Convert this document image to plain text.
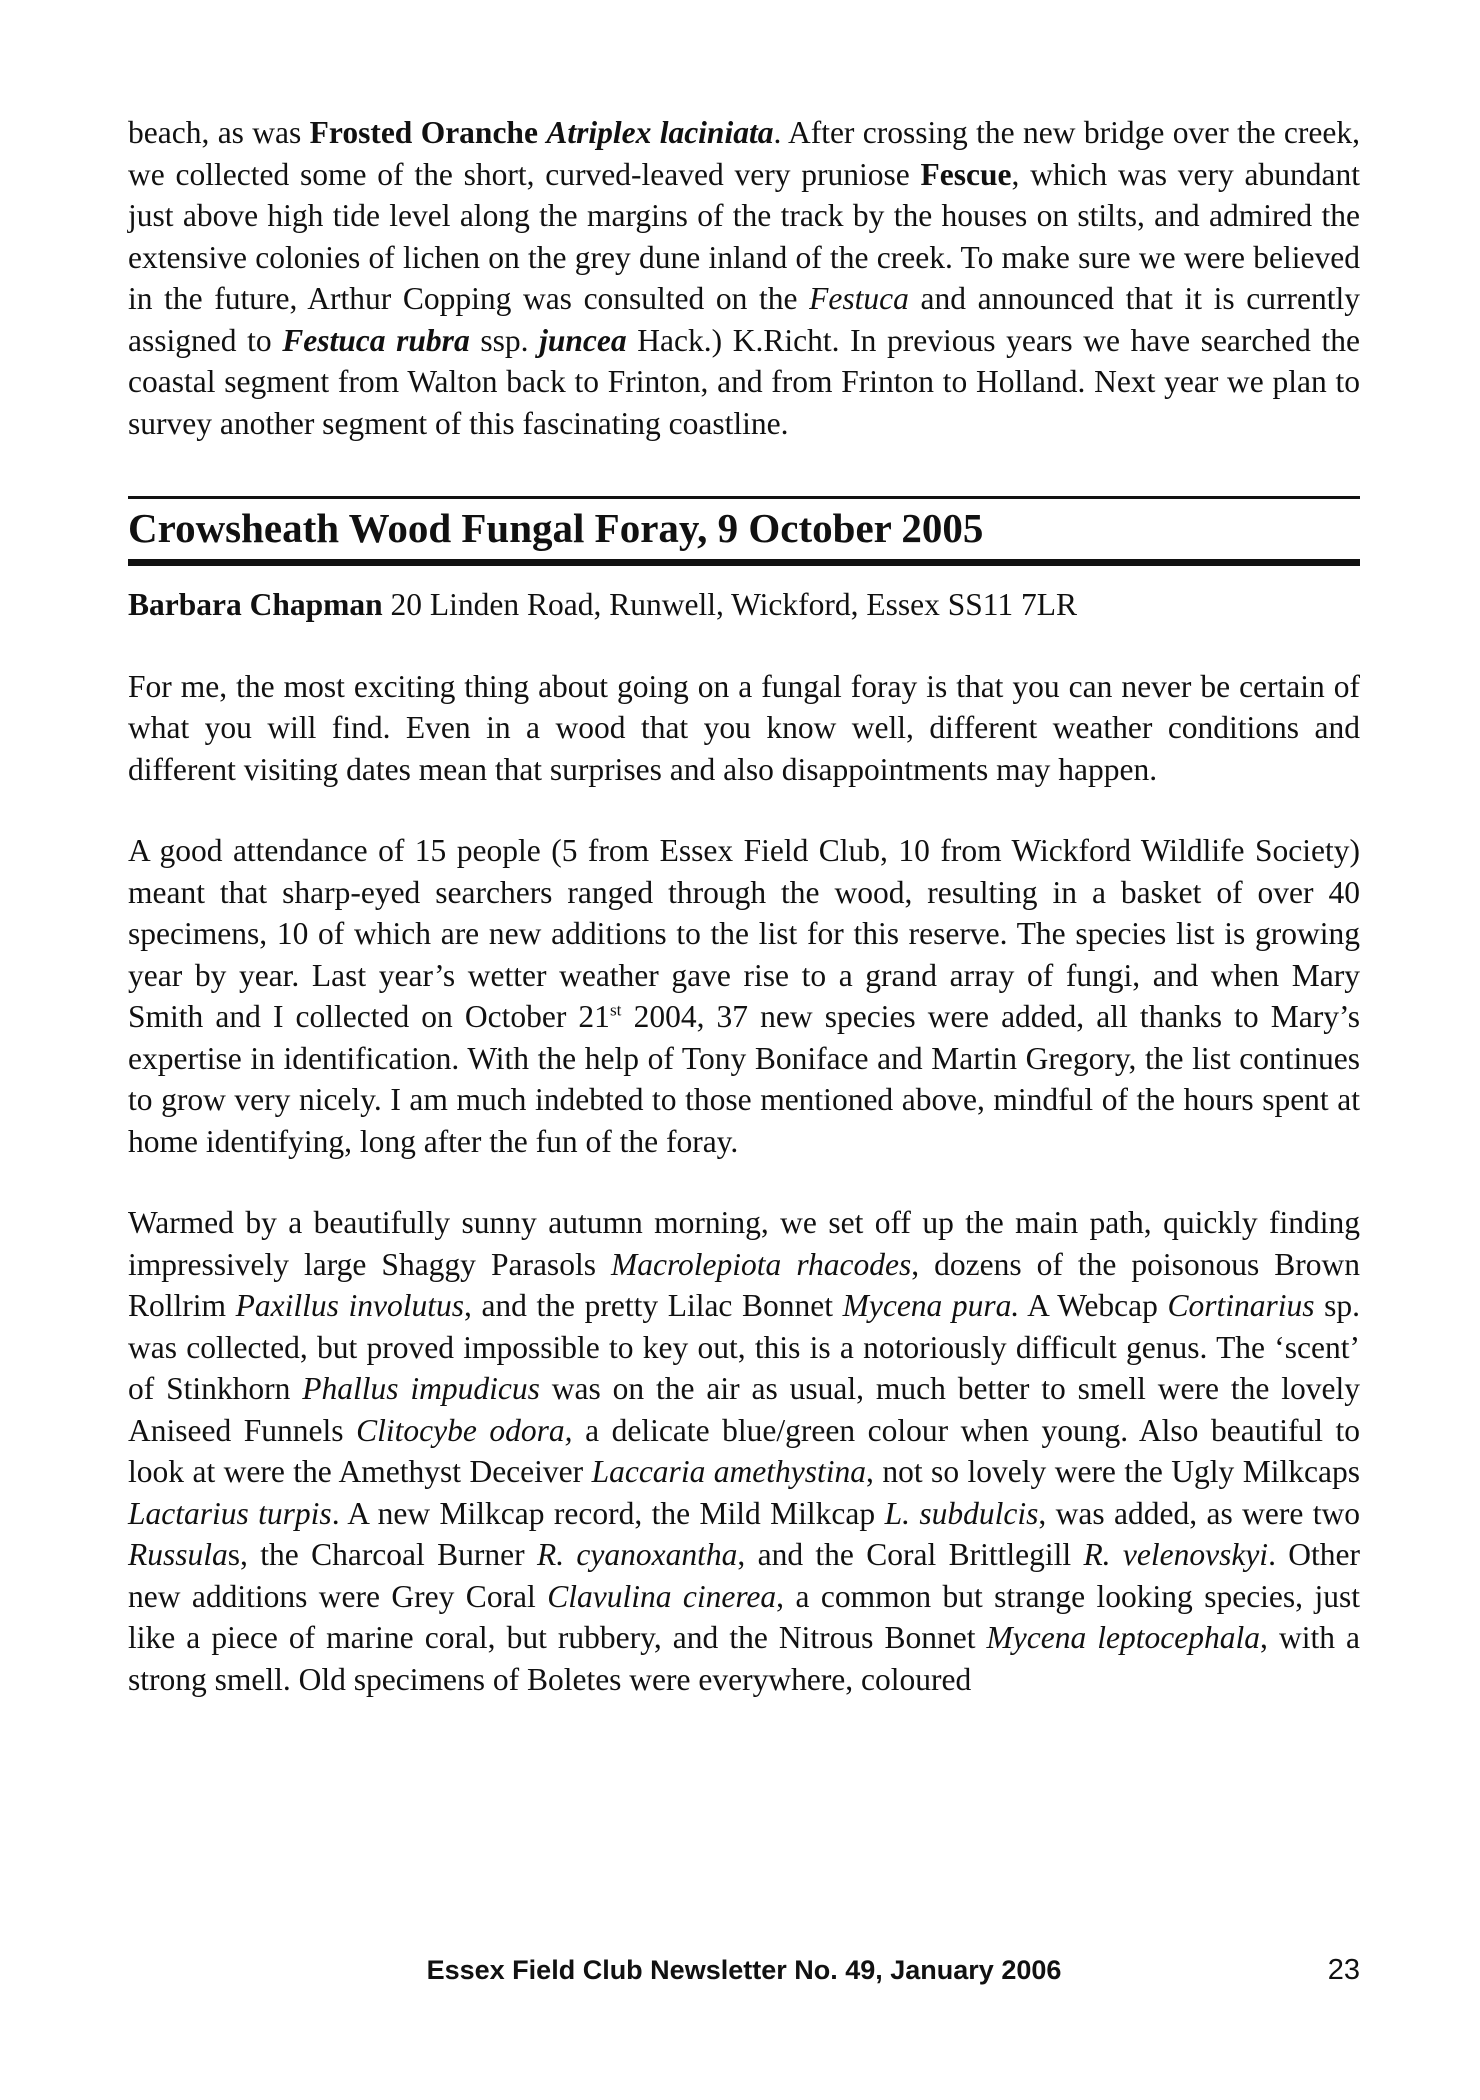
beach, as was Frosted Oranche Atriplex laciniata. After crossing the new bridge over the creek, we collected some of the short, curved-leaved very pruniose Fescue, which was very abundant just above high tide level along the margins of the track by the houses on stilts, and admired the extensive colonies of lichen on the grey dune inland of the creek. To make sure we were believed in the future, Arthur Copping was consulted on the Festuca and announced that it is currently assigned to Festuca rubra ssp. juncea Hack.) K.Richt. In previous years we have searched the coastal segment from Walton back to Frinton, and from Frinton to Holland. Next year we plan to survey another segment of this fascinating coastline.

Crowsheath Wood Fungal Foray, 9 October 2005

Barbara Chapman 20 Linden Road, Runwell, Wickford, Essex SS11 7LR

For me, the most exciting thing about going on a fungal foray is that you can never be certain of what you will find. Even in a wood that you know well, different weather conditions and different visiting dates mean that surprises and also disappointments may happen.

A good attendance of 15 people (5 from Essex Field Club, 10 from Wickford Wildlife Society) meant that sharp-eyed searchers ranged through the wood, resulting in a basket of over 40 specimens, 10 of which are new additions to the list for this reserve. The species list is growing year by year. Last year’s wetter weather gave rise to a grand array of fungi, and when Mary Smith and I collected on October 21st 2004, 37 new species were added, all thanks to Mary’s expertise in identification. With the help of Tony Boniface and Martin Gregory, the list continues to grow very nicely. I am much indebted to those mentioned above, mindful of the hours spent at home identifying, long after the fun of the foray.

Warmed by a beautifully sunny autumn morning, we set off up the main path, quickly finding impressively large Shaggy Parasols Macrolepiota rhacodes, dozens of the poisonous Brown Rollrim Paxillus involutus, and the pretty Lilac Bonnet Mycena pura. A Webcap Cortinarius sp. was collected, but proved impossible to key out, this is a notoriously difficult genus. The ‘scent’ of Stinkhorn Phallus impudicus was on the air as usual, much better to smell were the lovely Aniseed Funnels Clitocybe odora, a delicate blue/green colour when young. Also beautiful to look at were the Amethyst Deceiver Laccaria amethystina, not so lovely were the Ugly Milkcaps Lactarius turpis. A new Milkcap record, the Mild Milkcap L. subdulcis, was added, as were two Russulas, the Charcoal Burner R. cyanoxantha, and the Coral Brittlegill R. velenovskyi. Other new additions were Grey Coral Clavulina cinerea, a common but strange looking species, just like a piece of marine coral, but rubbery, and the Nitrous Bonnet Mycena leptocephala, with a strong smell. Old specimens of Boletes were everywhere, coloured

Essex Field Club Newsletter No. 49, January 2006	23
